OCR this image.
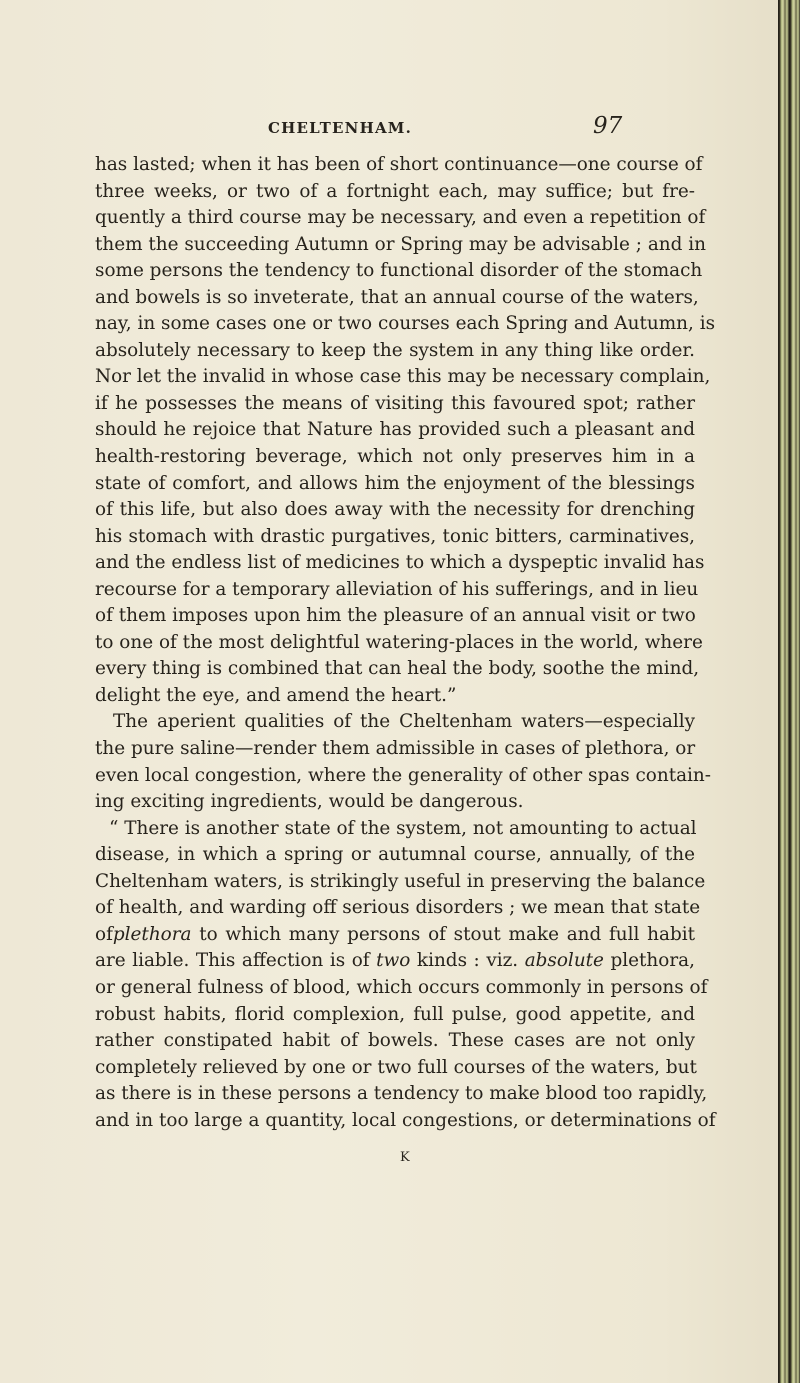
CHELTENHAM.	97
has lasted; when it has been of short continuance—one course of
three weeks, or two of a fortnight each, may suffice; but fre-
quently a third course may be necessary, and even a repetition of
them the succeeding Autumn or Spring may be advisable ; and in
some persons the tendency to functional disorder of the stomach
and bowels is so inveterate, that an annual course of the waters,
nay, in some cases one or two courses each Spring and Autumn, is
absolutely necessary to keep the system in any thing like order.
Nor let the invalid in whose case this may be necessary complain,
if he possesses the means of visiting this favoured spot; rather
should he rejoice that Nature has provided such a pleasant and
health-restoring beverage, which not only preserves him in a
state of comfort, and allows him the enjoyment of the blessings
of this life, but also does away with the necessity for drenching
his stomach with drastic purgatives, tonic bitters, carminatives,
and the endless list of medicines to which a dyspeptic invalid has
recourse for a temporary alleviation of his sufferings, and in lieu
of them imposes upon him the pleasure of an annual visit or two
to one of the most delightful watering-places in the world, where
every thing is combined that can heal the body, soothe the mind,
delight the eye, and amend the heart.”
The aperient qualities of the Cheltenham waters—especially
the pure saline—render them admissible in cases of plethora, or
even local congestion, where the generality of other spas contain-
ing exciting ingredients, would be dangerous.
“ There is another state of the system, not amounting to actual
disease, in which a spring or autumnal course, annually, of the
Cheltenham waters, is strikingly useful in preserving the balance
of health, and warding off serious disorders ; we mean that state
ofplethora to which many persons of stout make and full habit
are liable. This affection is of two kinds : viz. absolute plethora,
or general fulness of blood, which occurs commonly in persons of
robust habits, florid complexion, full pulse, good appetite, and
rather constipated habit of bowels. These cases are not only
completely relieved by one or two full courses of the waters, but
as there is in these persons a tendency to make blood too rapidly,
and in too large a quantity, local congestions, or determinations of
K
